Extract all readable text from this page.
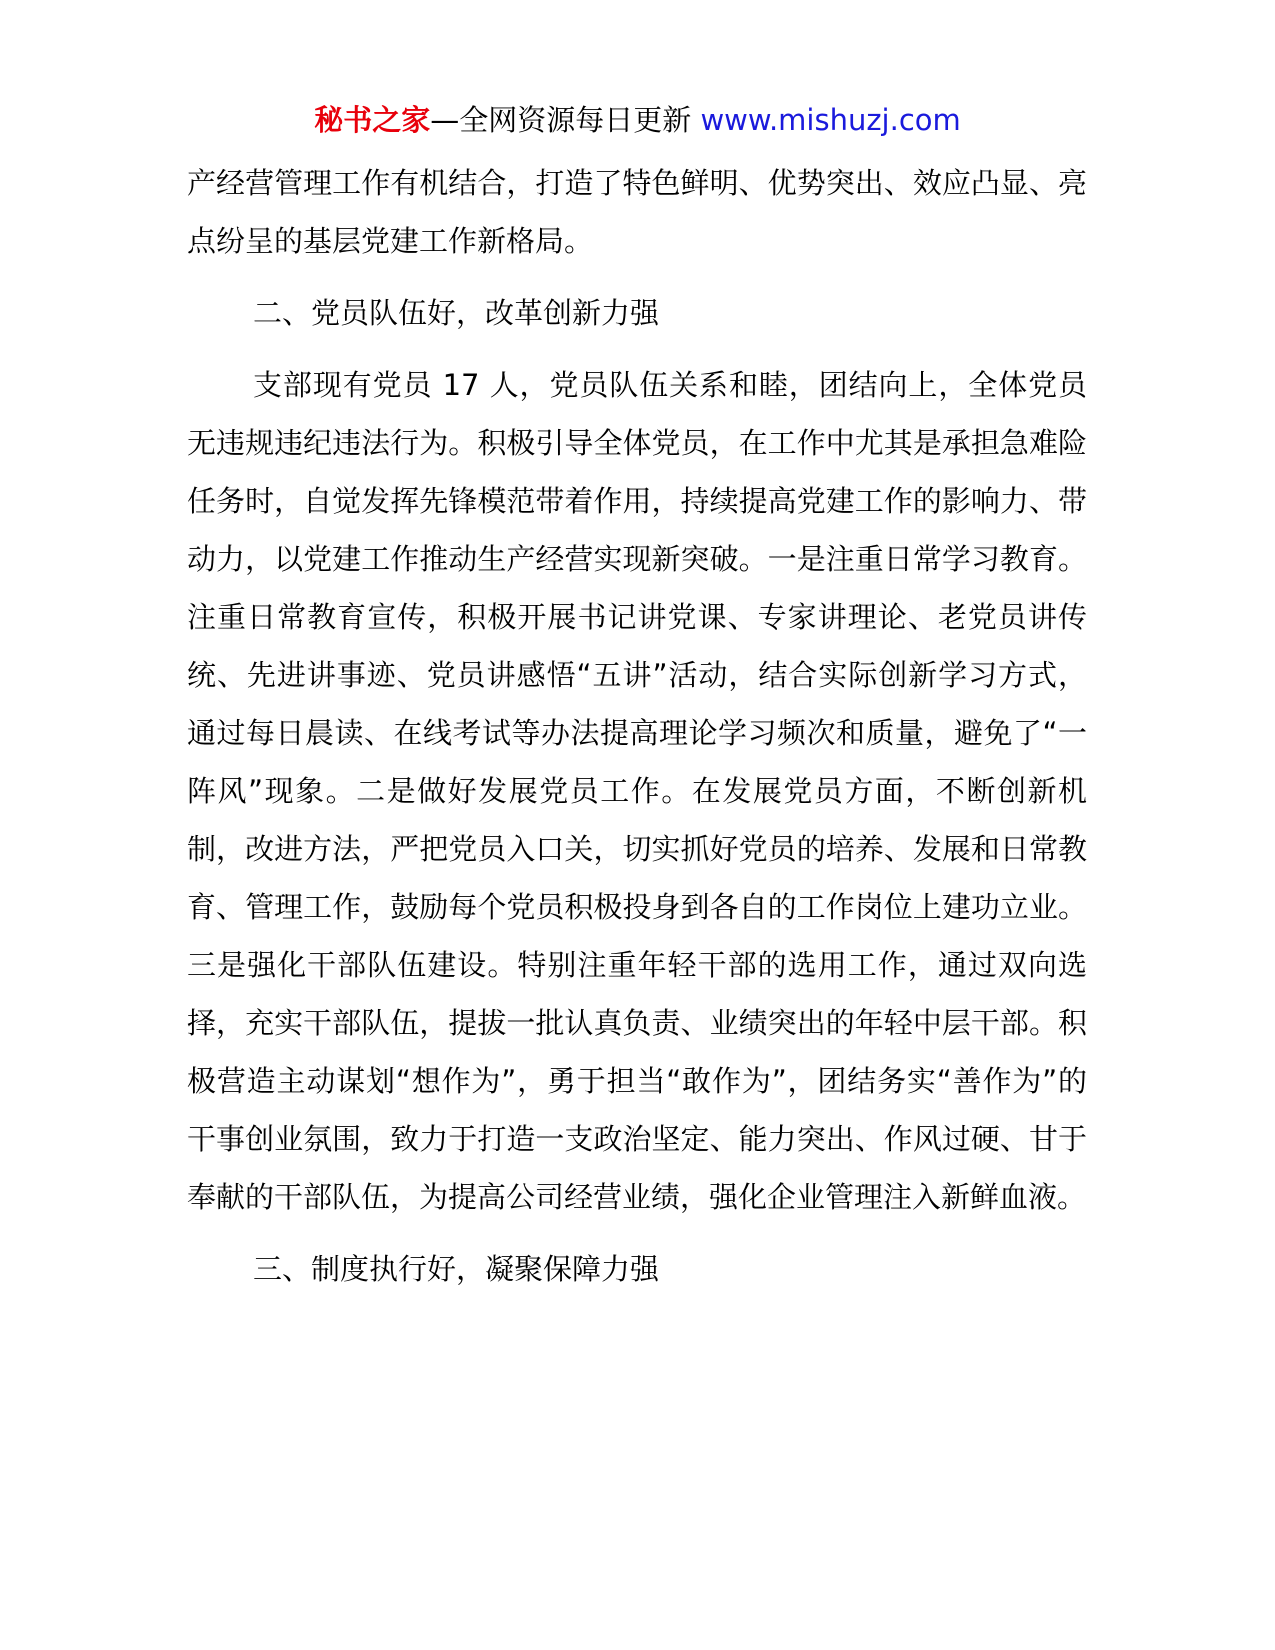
秘书之家—全网资源每日更新 www.mishuzj.com

产经营管理工作有机结合，打造了特色鲜明、优势突出、效应凸显、亮点纷呈的基层党建工作新格局。

二、党员队伍好，改革创新力强

支部现有党员 17 人，党员队伍关系和睦，团结向上，全体党员无违规违纪违法行为。积极引导全体党员，在工作中尤其是承担急难险任务时，自觉发挥先锋模范带着作用，持续提高党建工作的影响力、带动力，以党建工作推动生产经营实现新突破。一是注重日常学习教育。注重日常教育宣传，积极开展书记讲党课、专家讲理论、老党员讲传统、先进讲事迹、党员讲感悟“五讲”活动，结合实际创新学习方式，通过每日晨读、在线考试等办法提高理论学习频次和质量，避免了“一阵风”现象。二是做好发展党员工作。在发展党员方面，不断创新机制，改进方法，严把党员入口关，切实抓好党员的培养、发展和日常教育、管理工作，鼓励每个党员积极投身到各自的工作岗位上建功立业。三是强化干部队伍建设。特别注重年轻干部的选用工作，通过双向选择，充实干部队伍，提拔一批认真负责、业绩突出的年轻中层干部。积极营造主动谋划“想作为”，勇于担当“敢作为”，团结务实“善作为”的干事创业氛围，致力于打造一支政治坚定、能力突出、作风过硬、甘于奉献的干部队伍，为提高公司经营业绩，强化企业管理注入新鲜血液。

三、制度执行好，凝聚保障力强
